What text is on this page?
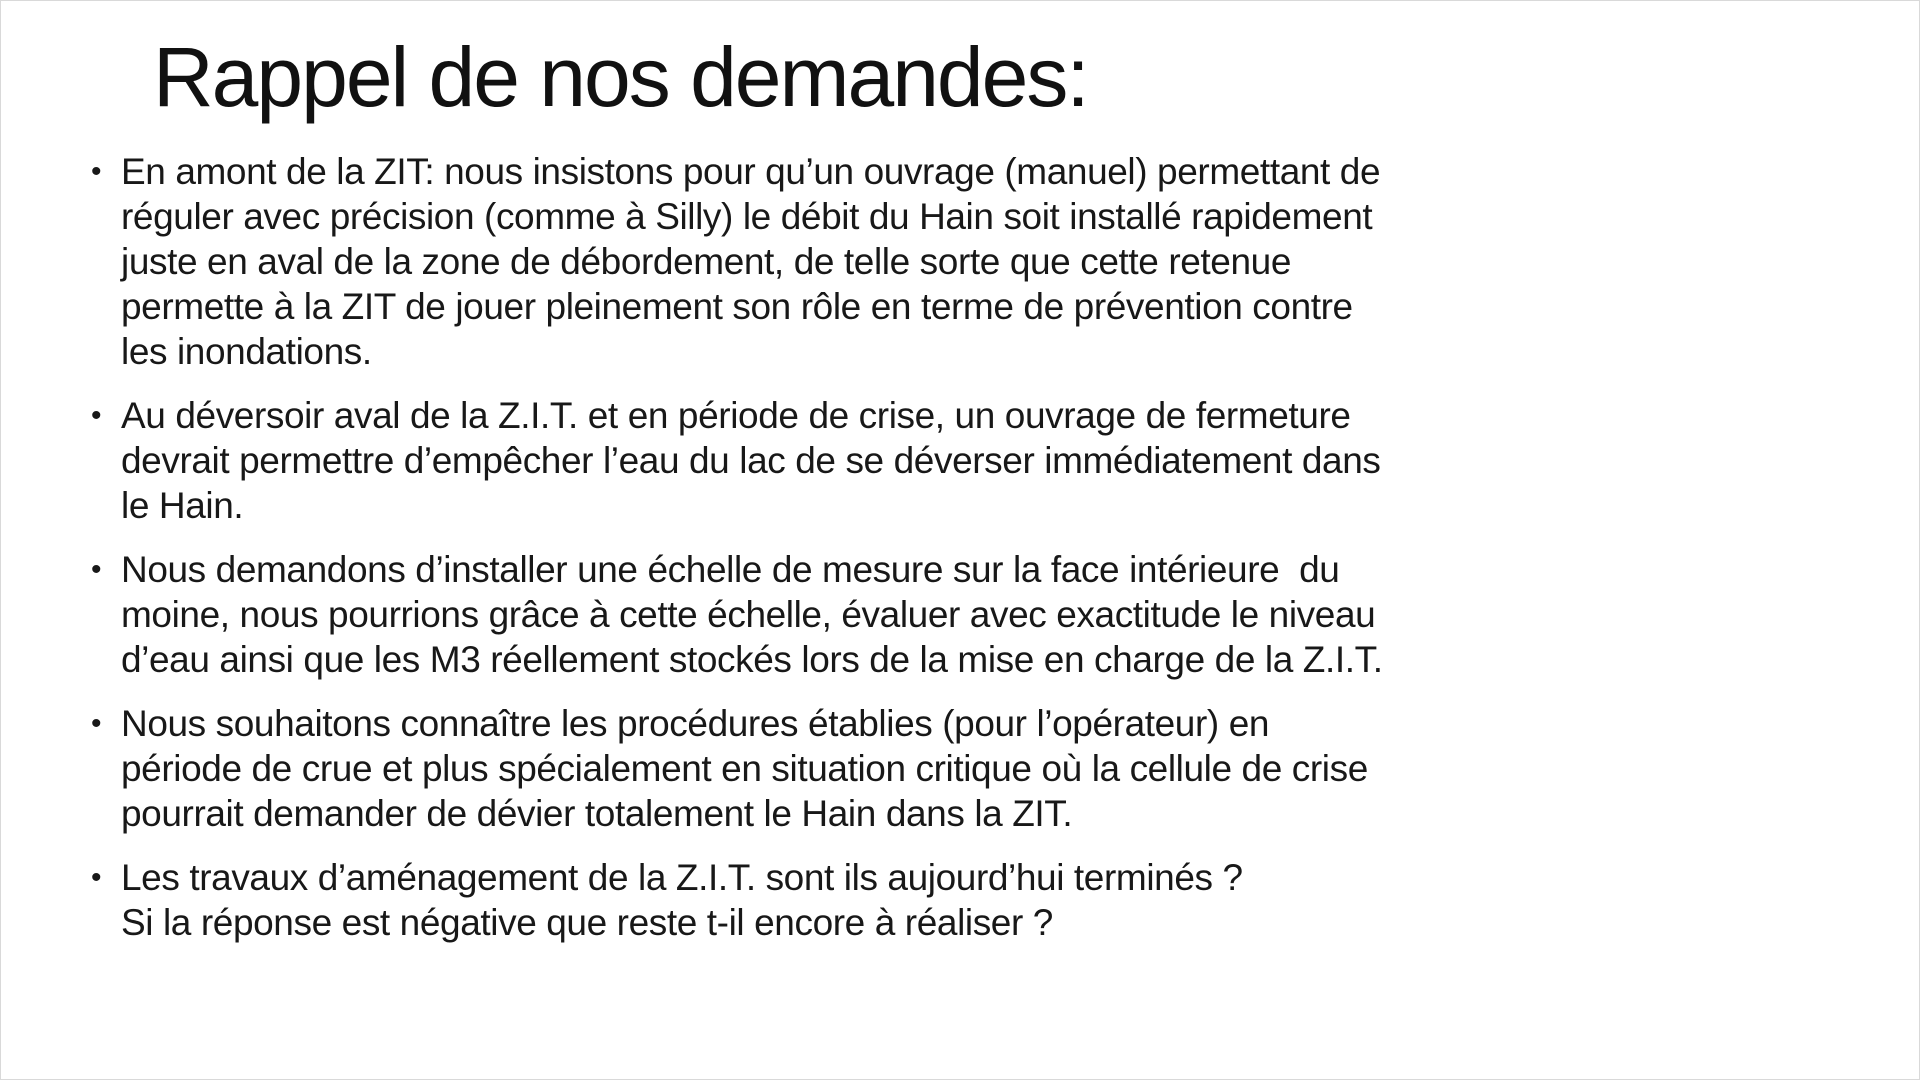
Rappel de nos demandes:
• En amont de la ZIT: nous insistons pour qu’un ouvrage (manuel) permettant de
réguler avec précision (comme à Silly) le débit du Hain soit installé rapidement
juste en aval de la zone de débordement, de telle sorte que cette retenue
permette à la ZIT de jouer pleinement son rôle en terme de prévention contre
les inondations.
• Au déversoir aval de la Z.I.T. et en période de crise, un ouvrage de fermeture
devrait permettre d’empêcher l’eau du lac de se déverser immédiatement dans
le Hain.
• Nous demandons d’installer une échelle de mesure sur la face intérieure  du
moine, nous pourrions grâce à cette échelle, évaluer avec exactitude le niveau
d’eau ainsi que les M3 réellement stockés lors de la mise en charge de la Z.I.T.
• Nous souhaitons connaître les procédures établies (pour l’opérateur) en
période de crue et plus spécialement en situation critique où la cellule de crise
pourrait demander de dévier totalement le Hain dans la ZIT.
• Les travaux d’aménagement de la Z.I.T. sont ils aujourd’hui terminés ?
Si la réponse est négative que reste t-il encore à réaliser ?
